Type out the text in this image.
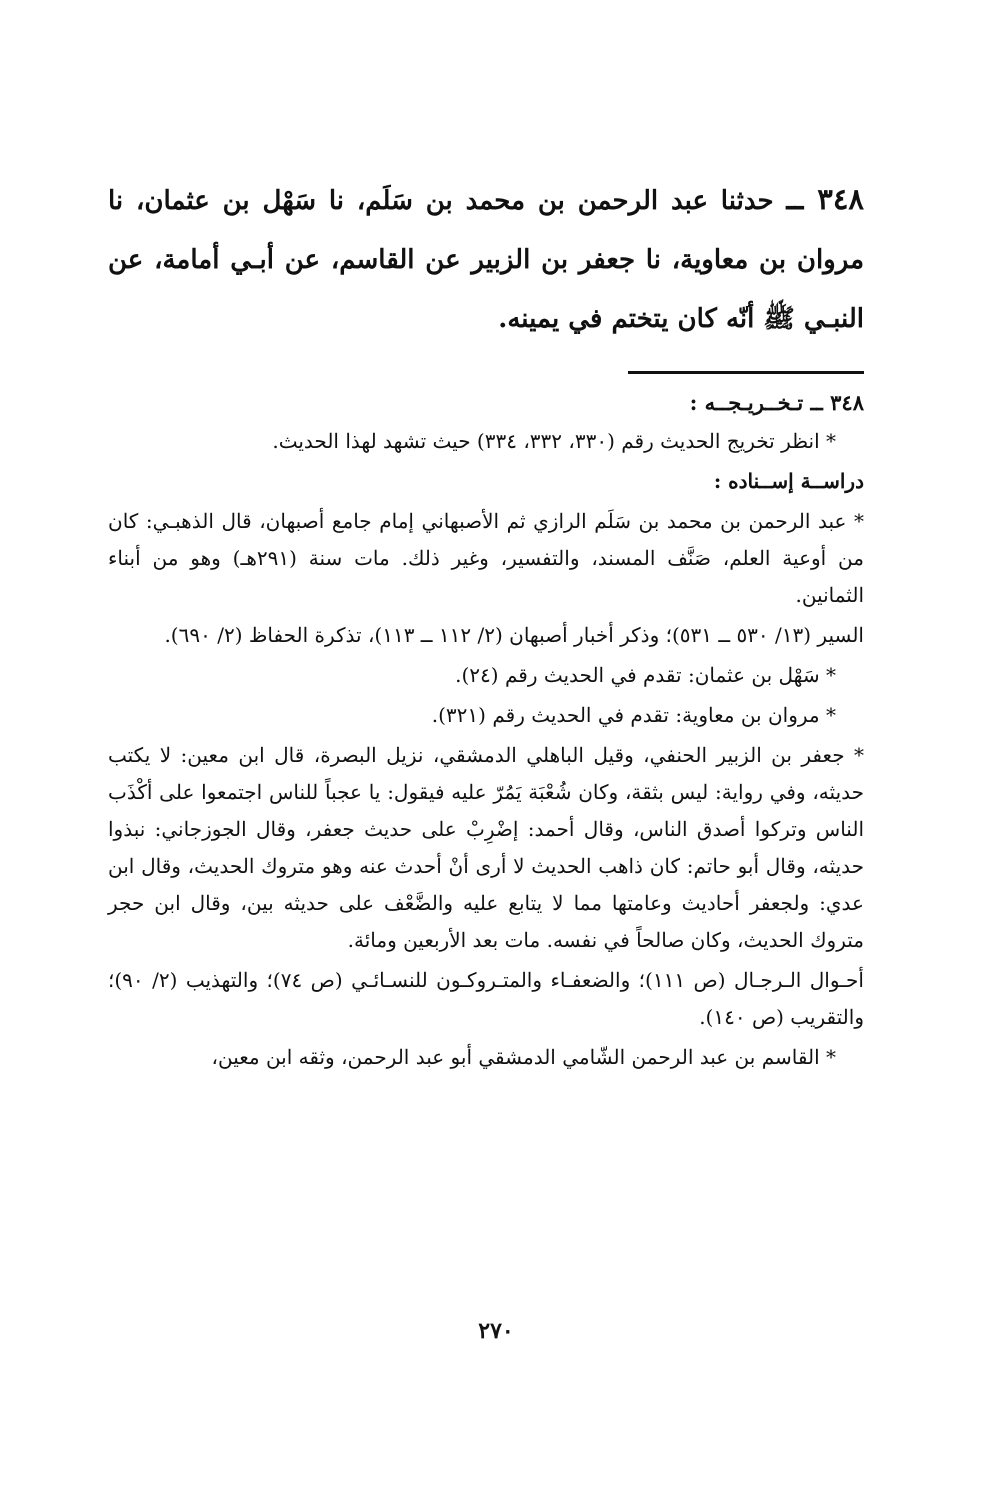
٣٤٨ ــ حدثنا عبد الرحمن بن محمد بن سَلَم، نا سَهْل بن عثمان، نا مروان بن معاوية، نا جعفر بن الزبير عن القاسم، عن أبـي أمامة، عن النبـي ﷺ أنّه كان يتختم في يمينه.

٣٤٨ ــ تـخــريـجــه :

* انظر تخريج الحديث رقم (٣٣٠، ٣٣٢، ٣٣٤) حيث تشهد لهذا الحديث.

دراســة إســناده :

* عبد الرحمن بن محمد بن سَلَم الرازي ثم الأصبهاني إمام جامع أصبهان، قال الذهبـي: كان من أوعية العلم، صَنَّف المسند، والتفسير، وغير ذلك. مات سنة (٢٩١هـ) وهو من أبناء الثمانين.

السير (١٣/ ٥٣٠ ــ ٥٣١)؛ وذكر أخبار أصبهان (٢/ ١١٢ ــ ١١٣)، تذكرة الحفاظ (٢/ ٦٩٠).

* سَهْل بن عثمان: تقدم في الحديث رقم (٢٤).

* مروان بن معاوية: تقدم في الحديث رقم (٣٢١).

* جعفر بن الزبير الحنفي، وقيل الباهلي الدمشقي، نزيل البصرة، قال ابن معين: لا يكتب حديثه، وفي رواية: ليس بثقة، وكان شُعْبَة يَمُرّ عليه فيقول: يا عجباً للناس اجتمعوا على أكْذَب الناس وتركوا أصدق الناس، وقال أحمد: إضْرِبْ على حديث جعفر، وقال الجوزجاني: نبذوا حديثه، وقال أبو حاتم: كان ذاهب الحديث لا أرى أنْ أحدث عنه وهو متروك الحديث، وقال ابن عدي: ولجعفر أحاديث وعامتها مما لا يتابع عليه والضَّعْف على حديثه بين، وقال ابن حجر متروك الحديث، وكان صالحاً في نفسه. مات بعد الأربعين ومائة.

أحـوال الـرجـال (ص ١١١)؛ والضعفـاء والمتـروكـون للنسـائـي (ص ٧٤)؛ والتهذيب (٢/ ٩٠)؛ والتقريب (ص ١٤٠).

* القاسم بن عبد الرحمن الشّامي الدمشقي أبو عبد الرحمن، وثقه ابن معين،

٢٧٠
